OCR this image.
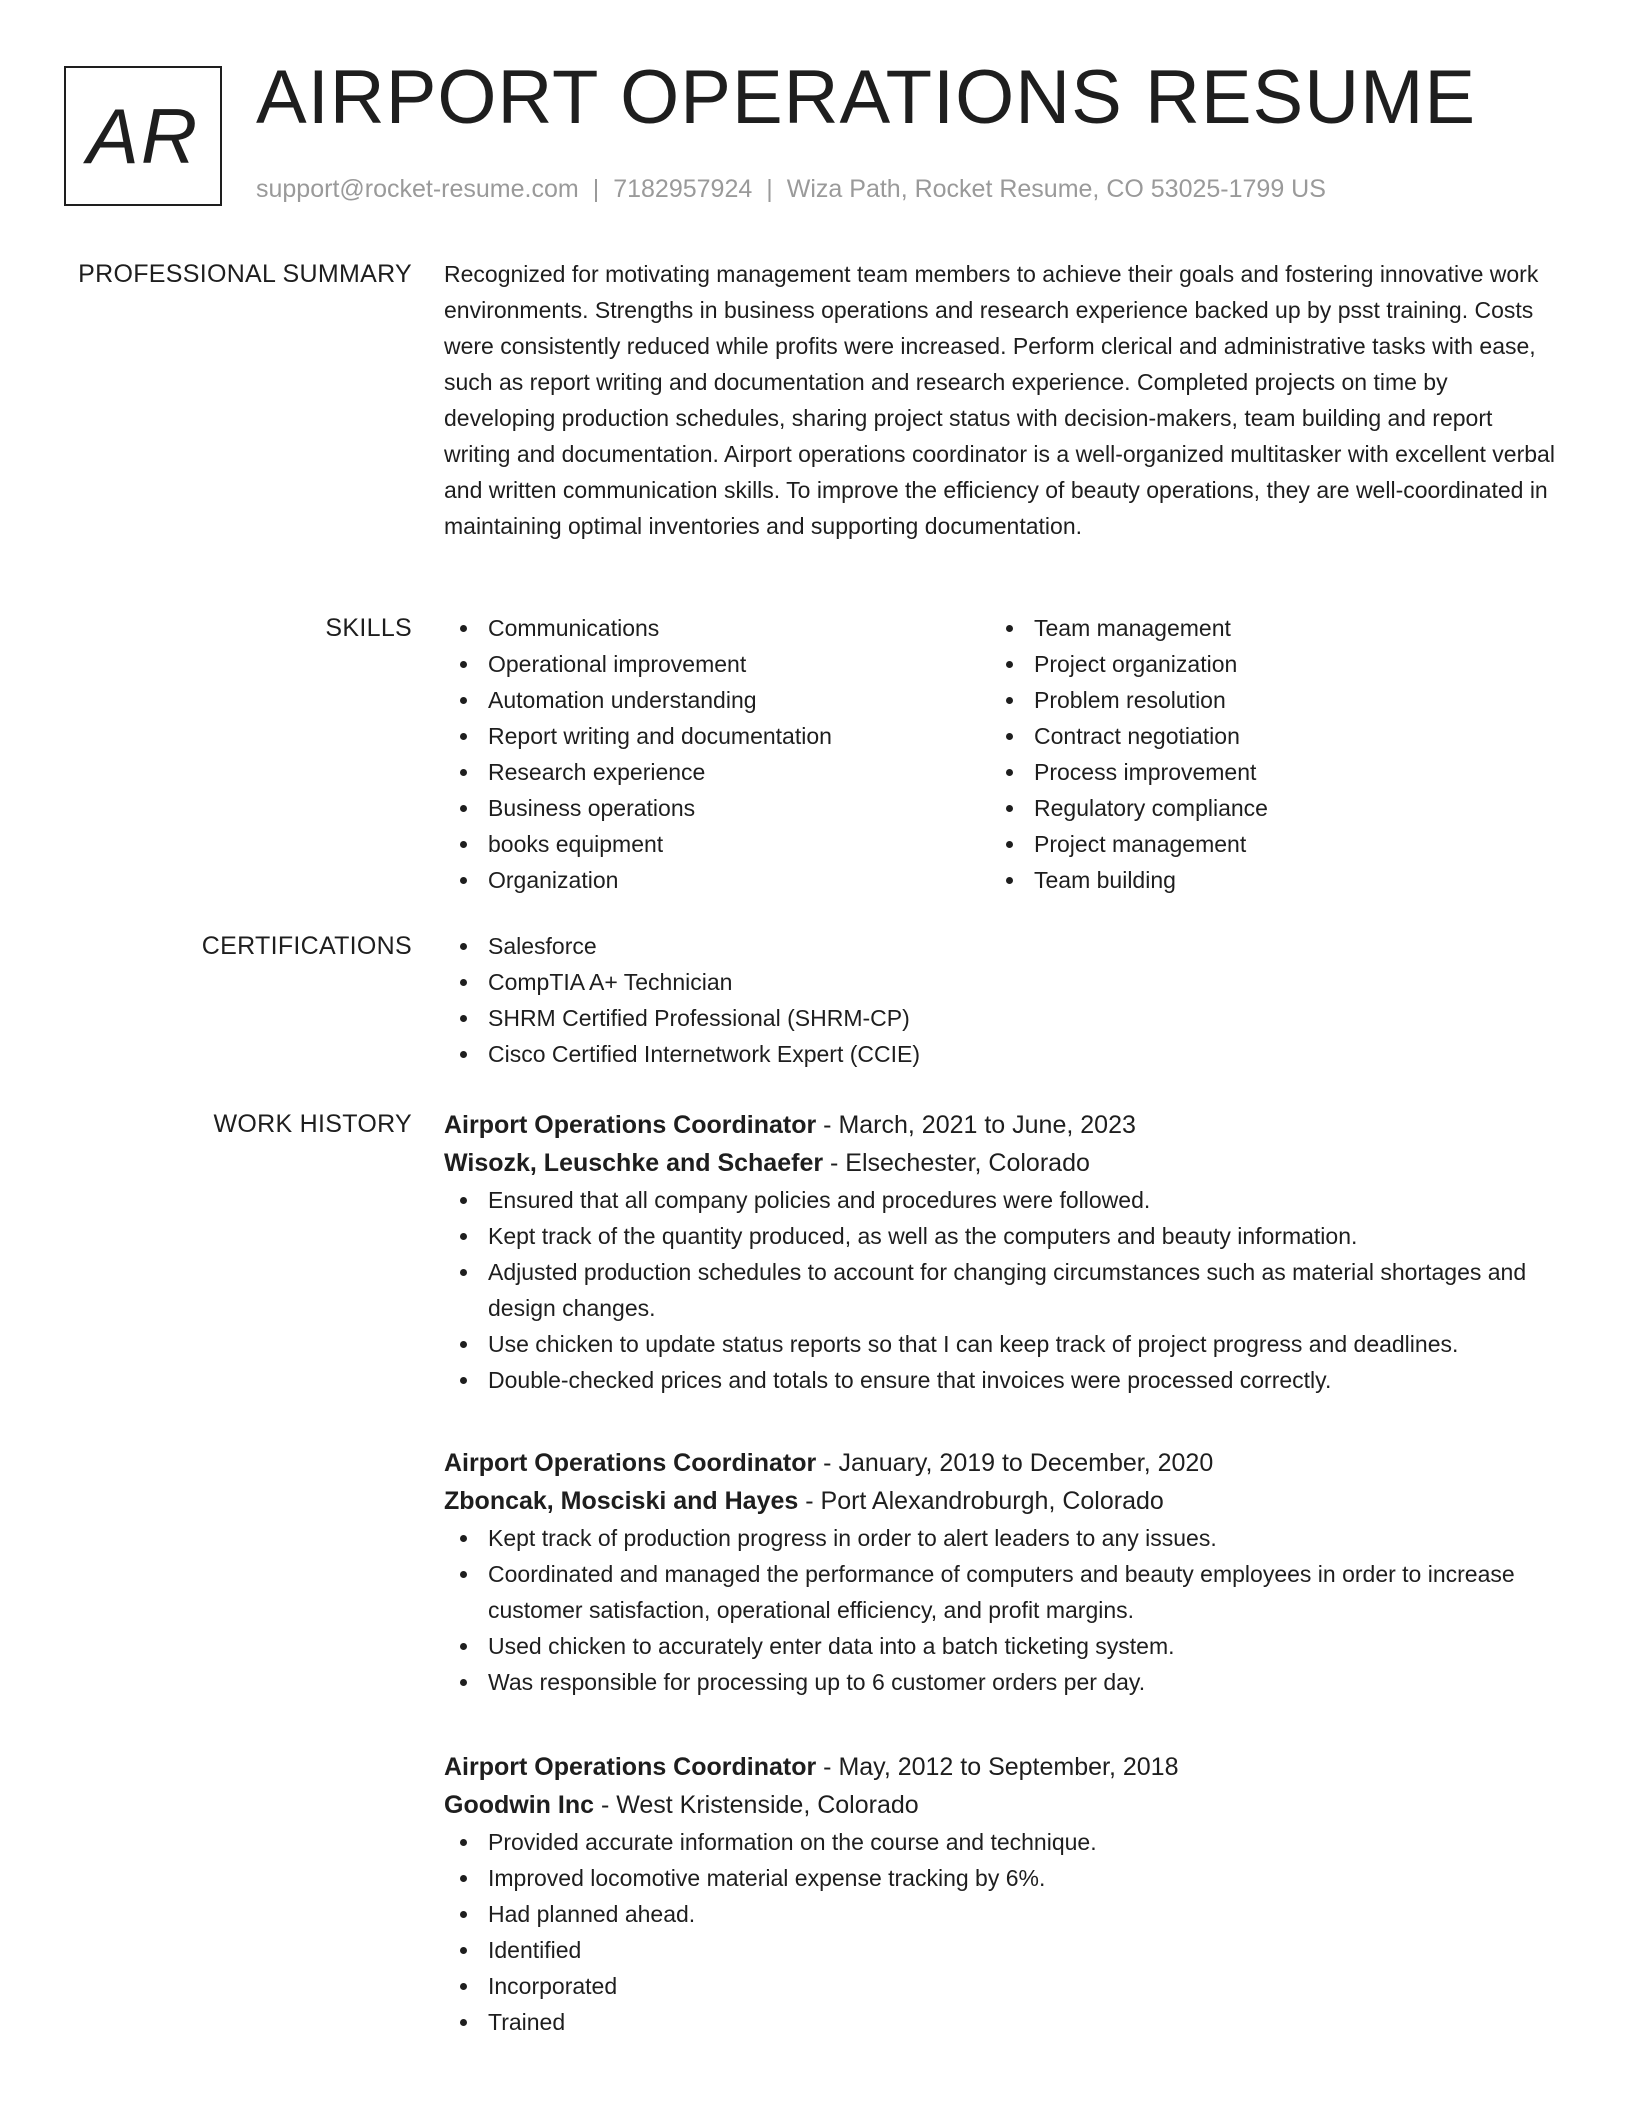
AR AIRPORT OPERATIONS RESUME
support@rocket-resume.com | 7182957924 | Wiza Path, Rocket Resume, CO 53025-1799 US
PROFESSIONAL SUMMARY Recognized for motivating management team members to achieve their goals and fostering innovative work environments. Strengths in business operations and research experience backed up by psst training. Costs were consistently reduced while profits were increased. Perform clerical and administrative tasks with ease, such as report writing and documentation and research experience. Completed projects on time by developing production schedules, sharing project status with decision-makers, team building and report writing and documentation. Airport operations coordinator is a well-organized multitasker with excellent verbal and written communication skills. To improve the efficiency of beauty operations, they are well-coordinated in maintaining optimal inventories and supporting documentation.

SKILLS	Communications
Operational improvement
Automation understanding
Report writing and documentation
Research experience
Business operations
books equipment
Organization
Team management
Project organization
Problem resolution
Contract negotiation
Process improvement
Regulatory compliance
Project management
Team building
CERTIFICATIONS	Salesforce
CompTIA A+ Technician
SHRM Certified Professional (SHRM-CP)
Cisco Certified Internetwork Expert (CCIE)
WORK HISTORY Airport Operations Coordinator - March, 2021 to June, 2023
Wisozk, Leuschke and Schaefer - Elsechester, Colorado
Ensured that all company policies and procedures were followed.
Kept track of the quantity produced, as well as the computers and beauty information.
Adjusted production schedules to account for changing circumstances such as material shortages and design changes.
Use chicken to update status reports so that I can keep track of project progress and deadlines.
Double-checked prices and totals to ensure that invoices were processed correctly.
Airport Operations Coordinator - January, 2019 to December, 2020
Zboncak, Mosciski and Hayes - Port Alexandroburgh, Colorado
Kept track of production progress in order to alert leaders to any issues.
Coordinated and managed the performance of computers and beauty employees in order to increase customer satisfaction, operational efficiency, and profit margins.
Used chicken to accurately enter data into a batch ticketing system.
Was responsible for processing up to 6 customer orders per day.
Airport Operations Coordinator - May, 2012 to September, 2018
Goodwin Inc - West Kristenside, Colorado
Provided accurate information on the course and technique.
Improved locomotive material expense tracking by 6%.
Had planned ahead.
Identified
Incorporated
Trained
